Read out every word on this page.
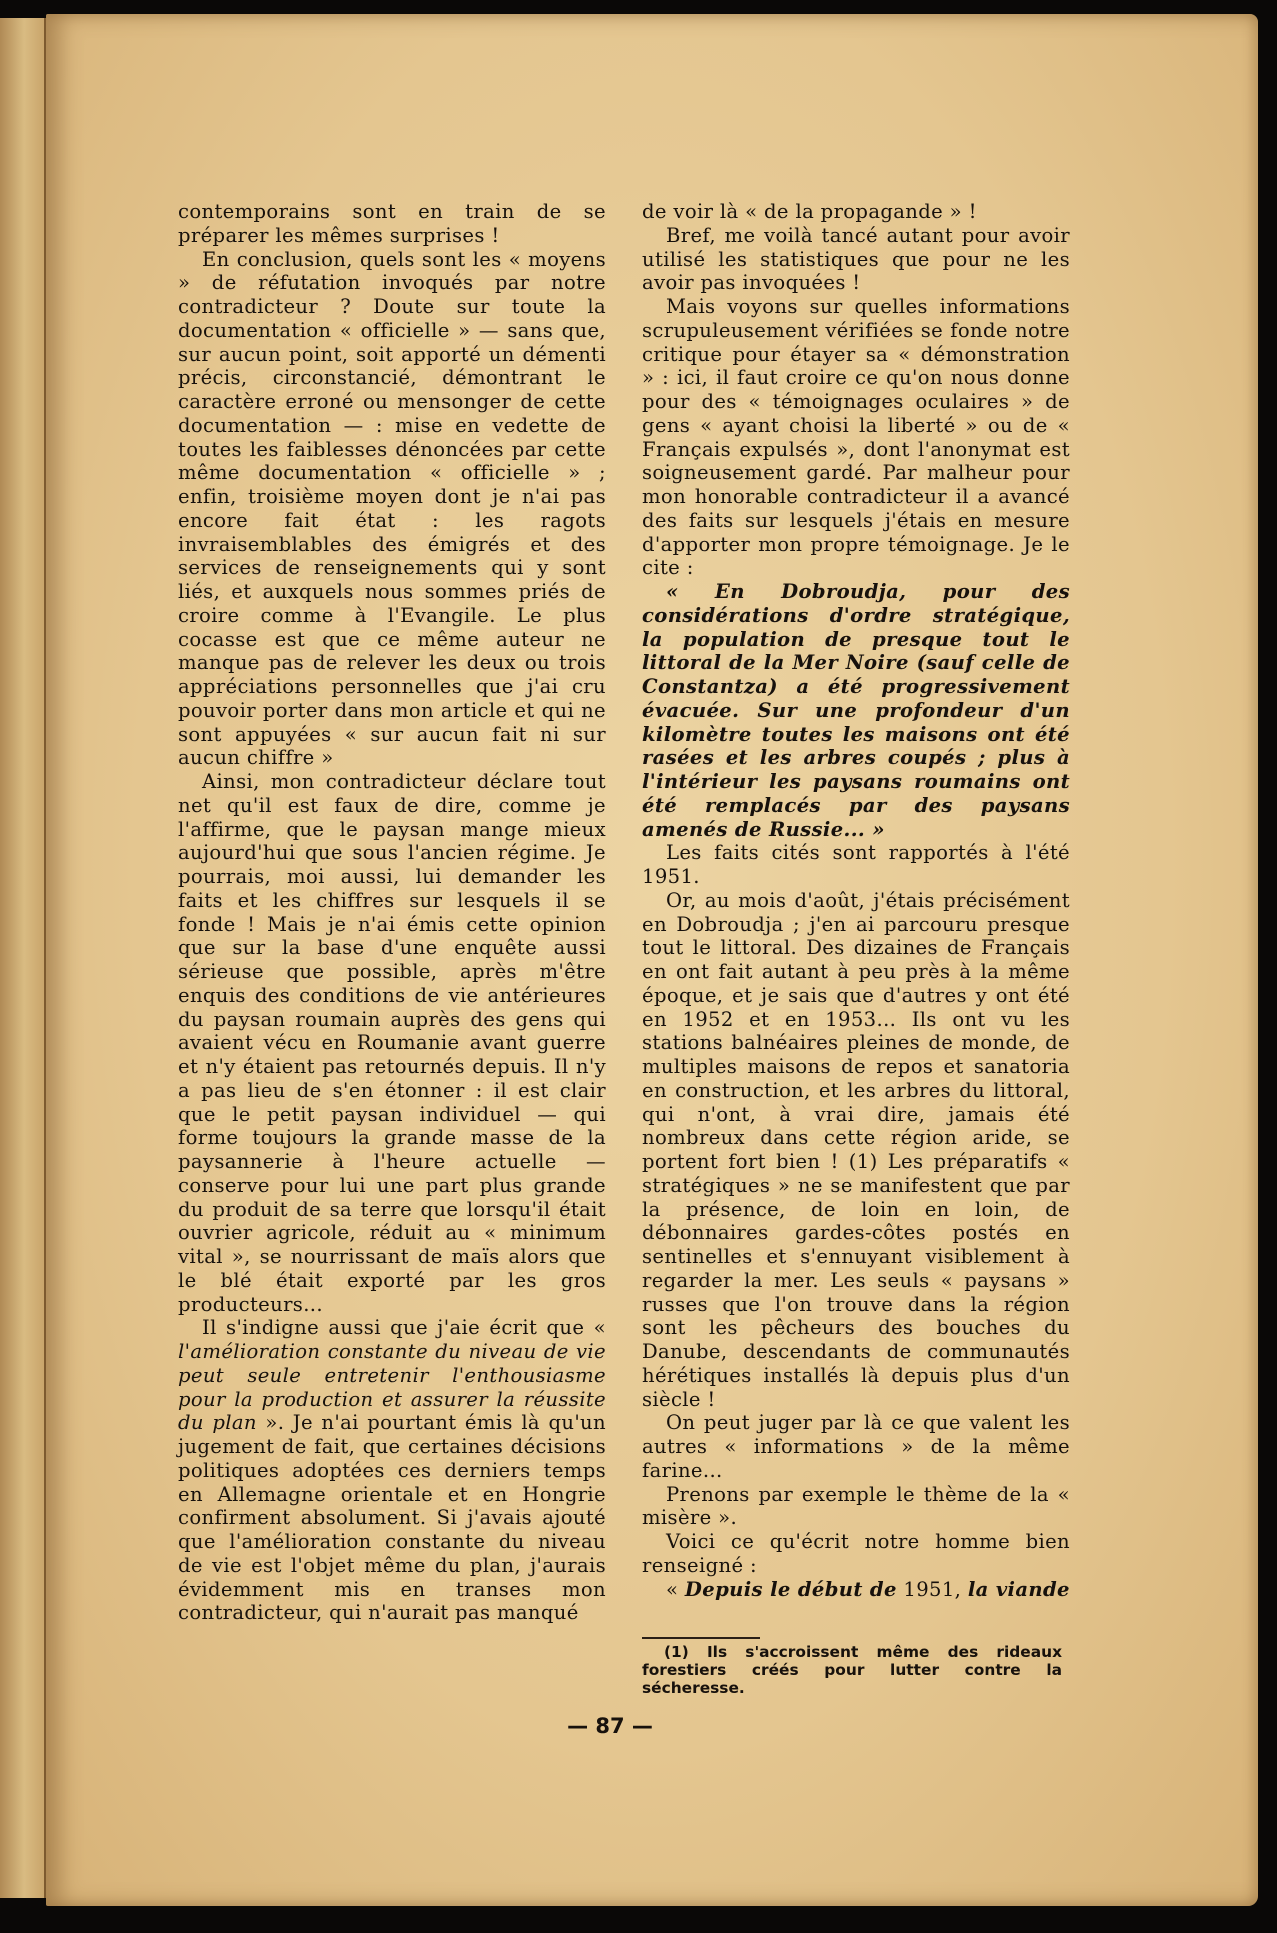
contemporains sont en train de se préparer les mêmes surprises !

En conclusion, quels sont les « moyens » de réfutation invoqués par notre contradicteur ? Doute sur toute la documentation « officielle » — sans que, sur aucun point, soit apporté un démenti précis, circonstancié, démontrant le caractère erroné ou mensonger de cette documentation — : mise en vedette de toutes les faiblesses dénoncées par cette même documentation « officielle » ; enfin, troisième moyen dont je n'ai pas encore fait état : les ragots invraisemblables des émigrés et des services de renseignements qui y sont liés, et auxquels nous sommes priés de croire comme à l'Evangile. Le plus cocasse est que ce même auteur ne manque pas de relever les deux ou trois appréciations personnelles que j'ai cru pouvoir porter dans mon article et qui ne sont appuyées « sur aucun fait ni sur aucun chiffre »

Ainsi, mon contradicteur déclare tout net qu'il est faux de dire, comme je l'affirme, que le paysan mange mieux aujourd'hui que sous l'ancien régime. Je pourrais, moi aussi, lui demander les faits et les chiffres sur lesquels il se fonde ! Mais je n'ai émis cette opinion que sur la base d'une enquête aussi sérieuse que possible, après m'être enquis des conditions de vie antérieures du paysan roumain auprès des gens qui avaient vécu en Roumanie avant guerre et n'y étaient pas retournés depuis. Il n'y a pas lieu de s'en étonner : il est clair que le petit paysan individuel — qui forme toujours la grande masse de la paysannerie à l'heure actuelle — conserve pour lui une part plus grande du produit de sa terre que lorsqu'il était ouvrier agricole, réduit au « minimum vital », se nourrissant de maïs alors que le blé était exporté par les gros producteurs...

Il s'indigne aussi que j'aie écrit que « l'amélioration constante du niveau de vie peut seule entretenir l'enthousiasme pour la production et assurer la réussite du plan ». Je n'ai pourtant émis là qu'un jugement de fait, que certaines décisions politiques adoptées ces derniers temps en Allemagne orientale et en Hongrie confirment absolument. Si j'avais ajouté que l'amélioration constante du niveau de vie est l'objet même du plan, j'aurais évidemment mis en transes mon contradicteur, qui n'aurait pas manqué

de voir là « de la propagande » !

Bref, me voilà tancé autant pour avoir utilisé les statistiques que pour ne les avoir pas invoquées !

Mais voyons sur quelles informations scrupuleusement vérifiées se fonde notre critique pour étayer sa « démonstration » : ici, il faut croire ce qu'on nous donne pour des « témoignages oculaires » de gens « ayant choisi la liberté » ou de « Français expulsés », dont l'anonymat est soigneusement gardé. Par malheur pour mon honorable contradicteur il a avancé des faits sur lesquels j'étais en mesure d'apporter mon propre témoignage. Je le cite :

« En Dobroudja, pour des considérations d'ordre stratégique, la population de presque tout le littoral de la Mer Noire (sauf celle de Constantza) a été progressivement évacuée. Sur une profondeur d'un kilomètre toutes les maisons ont été rasées et les arbres coupés ; plus à l'intérieur les paysans roumains ont été remplacés par des paysans amenés de Russie... »

Les faits cités sont rapportés à l'été 1951.

Or, au mois d'août, j'étais précisément en Dobroudja ; j'en ai parcouru presque tout le littoral. Des dizaines de Français en ont fait autant à peu près à la même époque, et je sais que d'autres y ont été en 1952 et en 1953... Ils ont vu les stations balnéaires pleines de monde, de multiples maisons de repos et sanatoria en construction, et les arbres du littoral, qui n'ont, à vrai dire, jamais été nombreux dans cette région aride, se portent fort bien ! (1) Les préparatifs « stratégiques » ne se manifestent que par la présence, de loin en loin, de débonnaires gardes-côtes postés en sentinelles et s'ennuyant visiblement à regarder la mer. Les seuls « paysans » russes que l'on trouve dans la région sont les pêcheurs des bouches du Danube, descendants de communautés hérétiques installés là depuis plus d'un siècle !

On peut juger par là ce que valent les autres « informations » de la même farine...

Prenons par exemple le thème de la « misère ».

Voici ce qu'écrit notre homme bien renseigné :

« Depuis le début de 1951, la viande

(1) Ils s'accroissent même des rideaux forestiers créés pour lutter contre la sécheresse.

— 87 —
